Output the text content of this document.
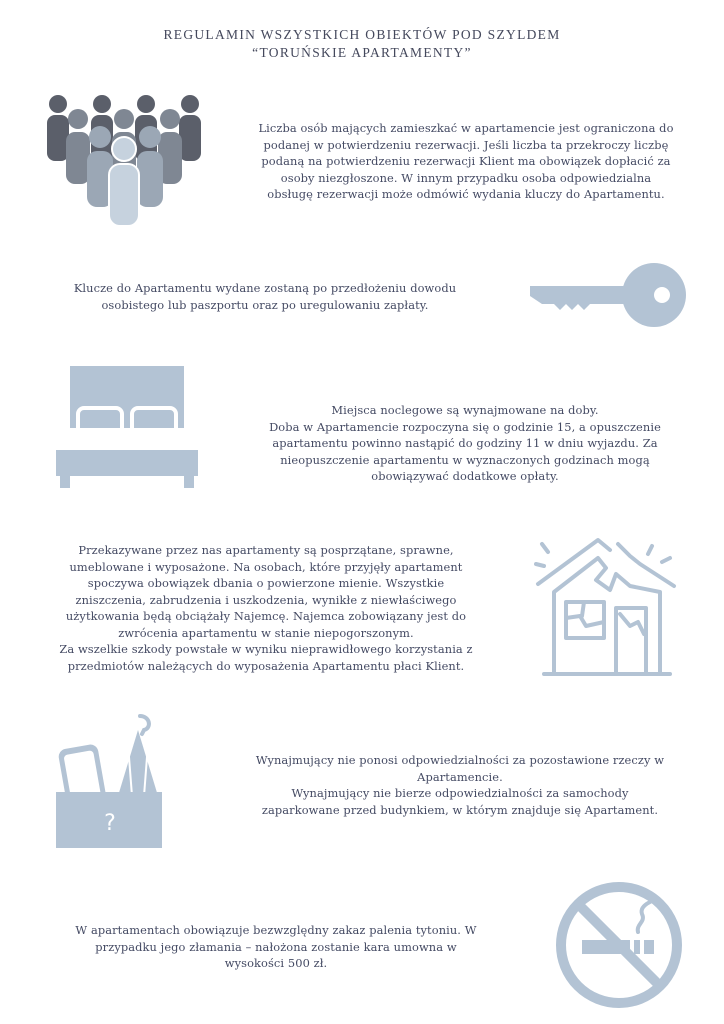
REGULAMIN WSZYSTKICH OBIEKTÓW POD SZYLDEM
“TORUŃSKIE APARTAMENTY”
Liczba osób mających zamieszkać w apartamencie jest ograniczona do
podanej w potwierdzeniu rezerwacji. Jeśli liczba ta przekroczy liczbę
podaną na potwierdzeniu rezerwacji Klient ma obowiązek dopłacić za
osoby niezgłoszone. W innym przypadku osoba odpowiedzialna
obsługę rezerwacji może odmówić wydania kluczy do Apartamentu.
Klucze do Apartamentu wydane zostaną po przedłożeniu dowodu
osobistego lub paszportu oraz po uregulowaniu zapłaty.
Miejsca noclegowe są wynajmowane na doby.
Doba w Apartamencie rozpoczyna się o godzinie 15, a opuszczenie
apartamentu powinno nastąpić do godziny 11 w dniu wyjazdu. Za
nieopuszczenie apartamentu w wyznaczonych godzinach mogą
obowiązywać dodatkowe opłaty.
Przekazywane przez nas apartamenty są posprzątane, sprawne,
umeblowane i wyposażone. Na osobach, które przyjęły apartament
spoczywa obowiązek dbania o powierzone mienie. Wszystkie
zniszczenia, zabrudzenia i uszkodzenia, wynikłe z niewłaściwego
użytkowania będą obciążały Najemcę. Najemca zobowiązany jest do
zwrócenia apartamentu w stanie niepogorszonym.
Za wszelkie szkody powstałe w wyniku nieprawidłowego korzystania z
przedmiotów należących do wyposażenia Apartamentu płaci Klient.
?
Wynajmujący nie ponosi odpowiedzialności za pozostawione rzeczy w
Apartamencie.
Wynajmujący nie bierze odpowiedzialności za samochody
zaparkowane przed budynkiem, w którym znajduje się Apartament.
W apartamentach obowiązuje bezwzględny zakaz palenia tytoniu. W
przypadku jego złamania – nałożona zostanie kara umowna w
wysokości 500 zł.
